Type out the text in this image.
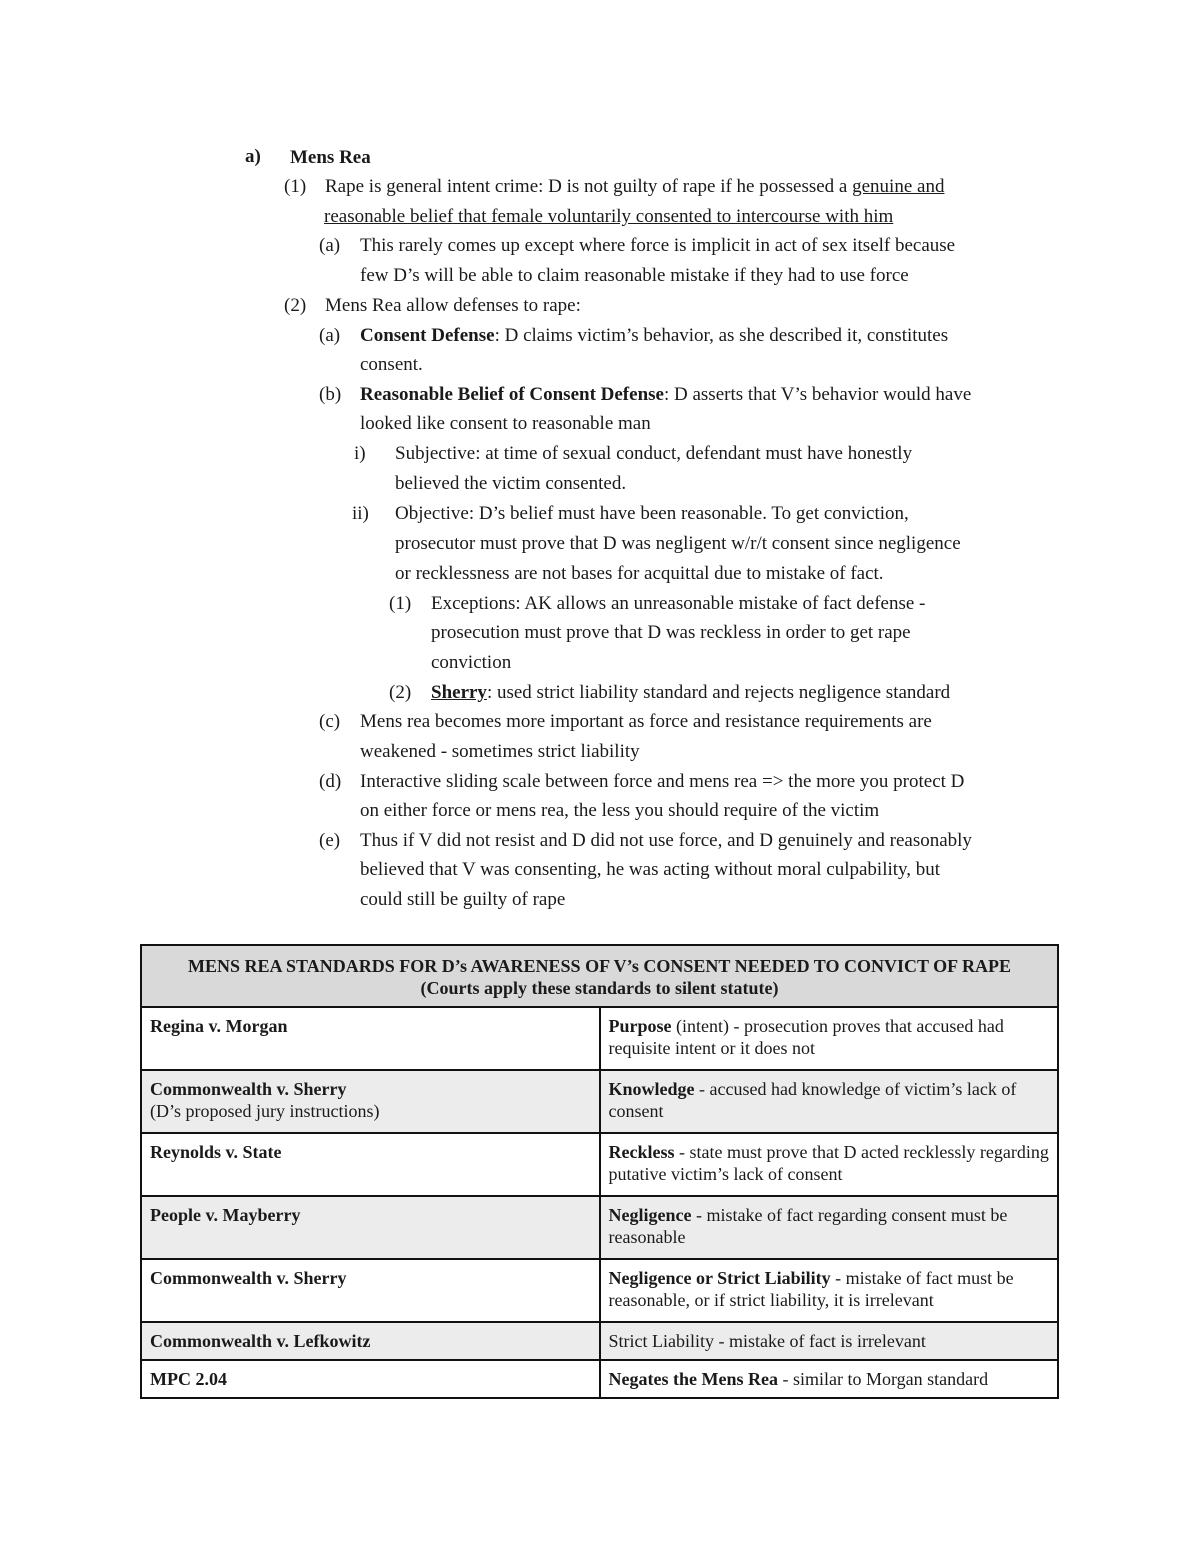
a) Mens Rea
(1) Rape is general intent crime: D is not guilty of rape if he possessed a genuine and
reasonable belief that female voluntarily consented to intercourse with him
(a) This rarely comes up except where force is implicit in act of sex itself because
few D’s will be able to claim reasonable mistake if they had to use force
(2) Mens Rea allow defenses to rape:
(a) Consent Defense: D claims victim’s behavior, as she described it, constitutes
consent.
(b) Reasonable Belief of Consent Defense: D asserts that V’s behavior would have
looked like consent to reasonable man
i) Subjective: at time of sexual conduct, defendant must have honestly
believed the victim consented.
ii) Objective: D’s belief must have been reasonable. To get conviction,
prosecutor must prove that D was negligent w/r/t consent since negligence
or recklessness are not bases for acquittal due to mistake of fact.
(1) Exceptions: AK allows an unreasonable mistake of fact defense -
prosecution must prove that D was reckless in order to get rape
conviction
(2) Sherry: used strict liability standard and rejects negligence standard
(c) Mens rea becomes more important as force and resistance requirements are
weakened - sometimes strict liability
(d) Interactive sliding scale between force and mens rea => the more you protect D
on either force or mens rea, the less you should require of the victim
(e) Thus if V did not resist and D did not use force, and D genuinely and reasonably
believed that V was consenting, he was acting without moral culpability, but
could still be guilty of rape
MENS REA STANDARDS FOR D’s AWARENESS OF V’s CONSENT NEEDED TO CONVICT OF RAPE
(Courts apply these standards to silent statute)	

Regina v. Morgan	Purpose (intent) - prosecution proves that accused had requisite intent or it does not
Commonwealth v. Sherry
(D’s proposed jury instructions)	Knowledge - accused had knowledge of victim’s lack of consent
Reynolds v. State	Reckless - state must prove that D acted recklessly regarding putative victim’s lack of consent
People v. Mayberry	Negligence - mistake of fact regarding consent must be reasonable
Commonwealth v. Sherry	Negligence or Strict Liability - mistake of fact must be reasonable, or if strict liability, it is irrelevant
Commonwealth v. Lefkowitz	Strict Liability - mistake of fact is irrelevant
MPC 2.04	Negates the Mens Rea - similar to Morgan standard
